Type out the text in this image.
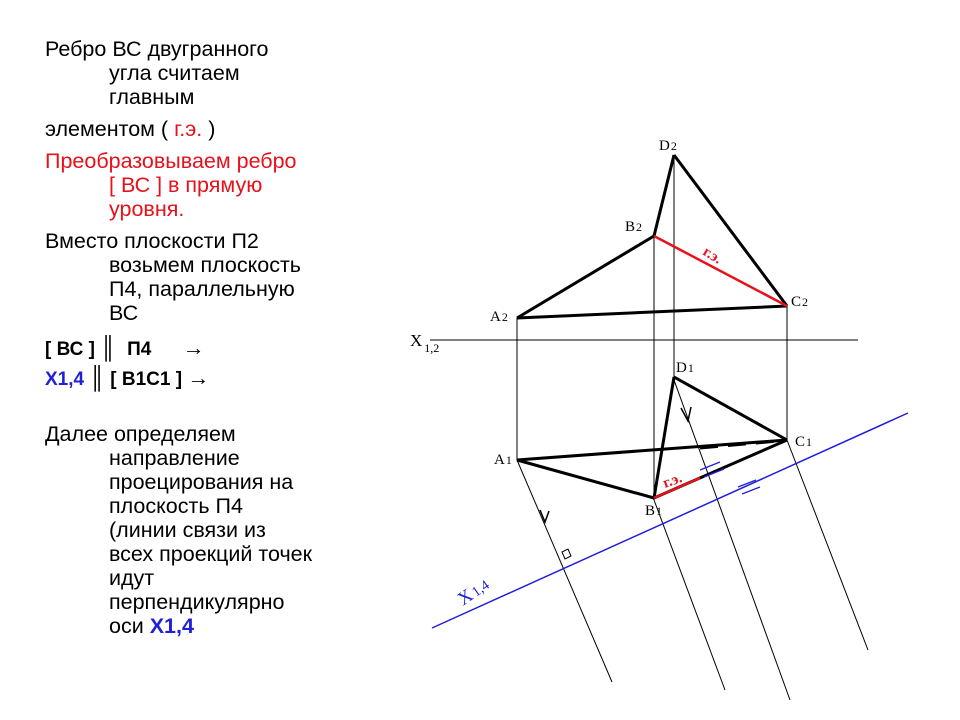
Ребро ВС двугранного
угла считаем
главным

элементом ( г.э. )

Преобразовываем ребро
[ ВС ] в прямую
уровня.

Вместо плоскости П2
возьмем плоскость
П4, параллельную
ВС

[ ВС ] ║ П4 →

X1,4 ║ [ В1С1 ] →

Далее определяем
направление
проецирования на
плоскость П4
(линии связи из
всех проекций точек
идут
перпендикулярно
оси X1,4

D2
B2
A2
C2
X $_{1,2}$
D1
A1
C1
B1
г.э.
г.э.
X1,4
